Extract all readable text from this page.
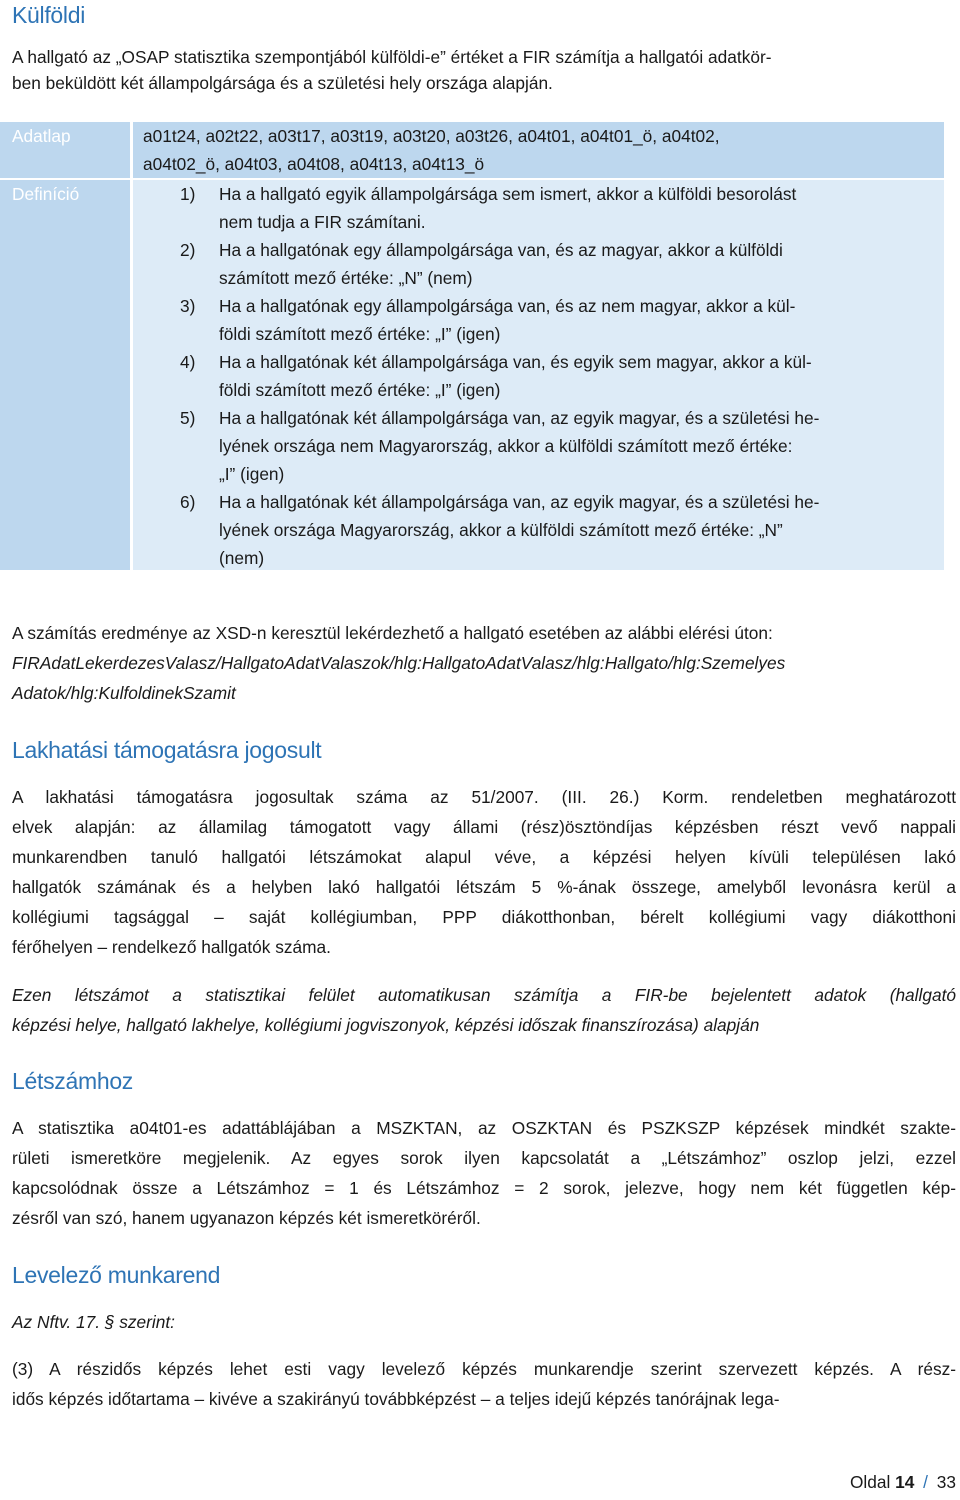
Külföldi
A hallgató az „OSAP statisztika szempontjából külföldi-e” értéket a FIR számítja a hallgatói adatkör-
ben beküldött két állampolgársága és a születési hely országa alapján.
Adatlap
Definíció
a01t24, a02t22, a03t17, a03t19, a03t20, a03t26, a04t01, a04t01_ö, a04t02,
a04t02_ö, a04t03, a04t08, a04t13, a04t13_ö
1) Ha a hallgató egyik állampolgársága sem ismert, akkor a külföldi besorolást
nem tudja a FIR számítani.
2) Ha a hallgatónak egy állampolgársága van, és az magyar, akkor a külföldi
számított mező értéke: „N” (nem)
3) Ha a hallgatónak egy állampolgársága van, és az nem magyar, akkor a kül-
földi számított mező értéke: „I” (igen)
4) Ha a hallgatónak két állampolgársága van, és egyik sem magyar, akkor a kül-
földi számított mező értéke: „I” (igen)
5) Ha a hallgatónak két állampolgársága van, az egyik magyar, és a születési he-
lyének országa nem Magyarország, akkor a külföldi számított mező értéke:
„I” (igen)
6) Ha a hallgatónak két állampolgársága van, az egyik magyar, és a születési he-
lyének országa Magyarország, akkor a külföldi számított mező értéke: „N”
(nem)
A számítás eredménye az XSD-n keresztül lekérdezhető a hallgató esetében az alábbi elérési úton:
FIRAdatLekerdezesValasz/HallgatoAdatValaszok/hlg:HallgatoAdatValasz/hlg:Hallgato/hlg:Szemelyes
Adatok/hlg:KulfoldinekSzamit
Lakhatási támogatásra jogosult
A lakhatási támogatásra jogosultak száma az 51/2007. (III. 26.) Korm. rendeletben meghatározott
elvek alapján: az államilag támogatott vagy állami (rész)ösztöndíjas képzésben részt vevő nappali
munkarendben tanuló hallgatói létszámokat alapul véve, a képzési helyen kívüli településen lakó
hallgatók számának és a helyben lakó hallgatói létszám 5 %-ának összege, amelyből levonásra kerül a
kollégiumi tagsággal – saját kollégiumban, PPP diákotthonban, bérelt kollégiumi vagy diákotthoni
férőhelyen – rendelkező hallgatók száma.
Ezen létszámot a statisztikai felület automatikusan számítja a FIR-be bejelentett adatok (hallgató
képzési helye, hallgató lakhelye, kollégiumi jogviszonyok, képzési időszak finanszírozása) alapján
Létszámhoz
A statisztika a04t01-es adattáblájában a MSZKTAN, az OSZKTAN és PSZKSZP képzések mindkét szakte-
rületi ismeretköre megjelenik. Az egyes sorok ilyen kapcsolatát a „Létszámhoz” oszlop jelzi, ezzel
kapcsolódnak össze a Létszámhoz = 1 és Létszámhoz = 2 sorok, jelezve, hogy nem két független kép-
zésről van szó, hanem ugyanazon képzés két ismeretköréről.
Levelező munkarend
Az Nftv. 17. § szerint:
(3) A részidős képzés lehet esti vagy levelező képzés munkarendje szerint szervezett képzés. A rész-
idős képzés időtartama – kivéve a szakirányú továbbképzést – a teljes idejű képzés tanórájnak lega-
Oldal 14 / 33
